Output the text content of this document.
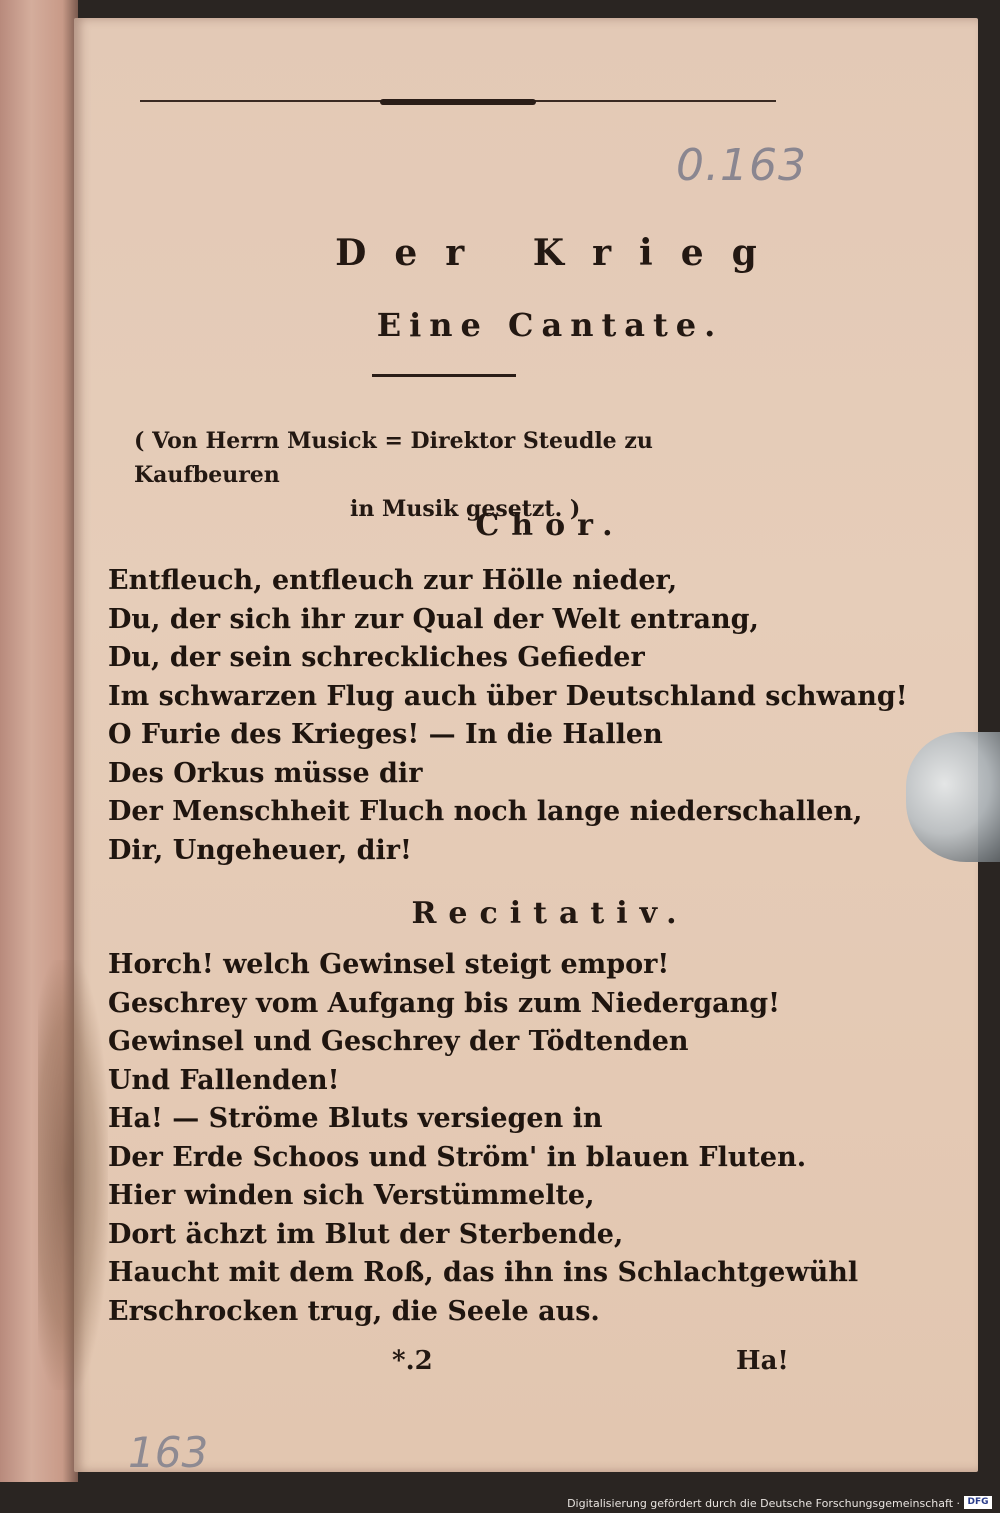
0.163
Der Krieg
Eine Cantate.
( Von Herrn Musick = Direktor Steudle zu Kaufbeuren
in Musik gesetzt. )
Chor.
Entfleuch, entfleuch zur Hölle nieder,
Du, der sich ihr zur Qual der Welt entrang,
Du, der sein schreckliches Gefieder
Im schwarzen Flug auch über Deutschland schwang!
O Furie des Krieges! — In die Hallen
Des Orkus müsse dir
Der Menschheit Fluch noch lange niederschallen,
Dir, Ungeheuer, dir!
Recitativ.
Horch! welch Gewinsel steigt empor!
Geschrey vom Aufgang bis zum Niedergang!
Gewinsel und Geschrey der Tödtenden
Und Fallenden!
Ha! — Ströme Bluts versiegen in
Der Erde Schoos und Ström' in blauen Fluten.
Hier winden sich Verstümmelte,
Dort ächzt im Blut der Sterbende,
Haucht mit dem Roß, das ihn ins Schlachtgewühl
Erschrocken trug, die Seele aus.
*.2	Ha!
163
Digitalisierung gefördert durch die Deutsche Forschungsgemeinschaft · DFG
